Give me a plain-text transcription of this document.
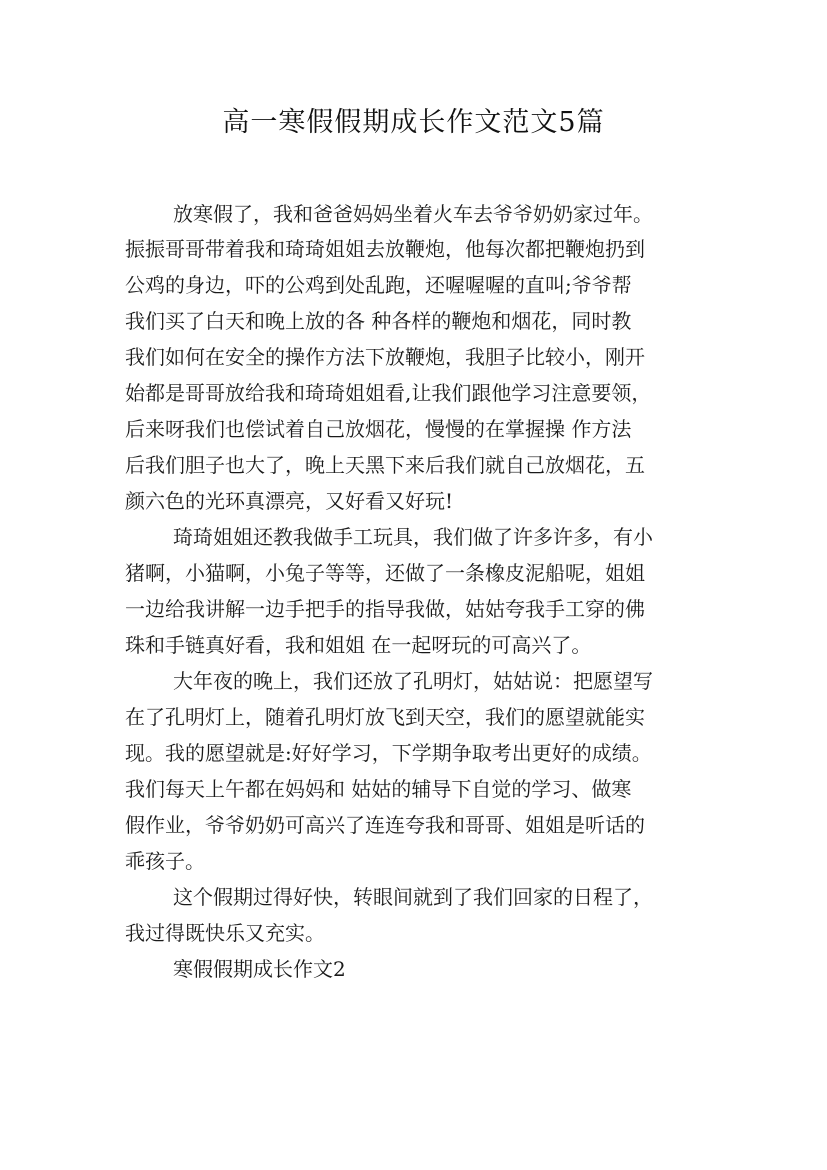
高一寒假假期成长作文范文5篇
放寒假了，我和爸爸妈妈坐着火车去爷爷奶奶家过年。
振振哥哥带着我和琦琦姐姐去放鞭炮，他每次都把鞭炮扔到
公鸡的身边，吓的公鸡到处乱跑，还喔喔喔的直叫;爷爷帮
我们买了白天和晚上放的各 种各样的鞭炮和烟花，同时教
我们如何在安全的操作方法下放鞭炮，我胆子比较小，刚开
始都是哥哥放给我和琦琦姐姐看,让我们跟他学习注意要领，
后来呀我们也偿试着自己放烟花，慢慢的在掌握操 作方法
后我们胆子也大了，晚上天黑下来后我们就自己放烟花，五
颜六色的光环真漂亮，又好看又好玩!
琦琦姐姐还教我做手工玩具，我们做了许多许多，有小
猪啊，小猫啊，小兔子等等，还做了一条橡皮泥船呢，姐姐
一边给我讲解一边手把手的指导我做，姑姑夸我手工穿的佛
珠和手链真好看，我和姐姐 在一起呀玩的可高兴了。
大年夜的晚上，我们还放了孔明灯，姑姑说：把愿望写
在了孔明灯上，随着孔明灯放飞到天空，我们的愿望就能实
现。我的愿望就是:好好学习，下学期争取考出更好的成绩。
我们每天上午都在妈妈和 姑姑的辅导下自觉的学习、做寒
假作业，爷爷奶奶可高兴了连连夸我和哥哥、姐姐是听话的
乖孩子。
这个假期过得好快，转眼间就到了我们回家的日程了，
我过得既快乐又充实。
寒假假期成长作文2
